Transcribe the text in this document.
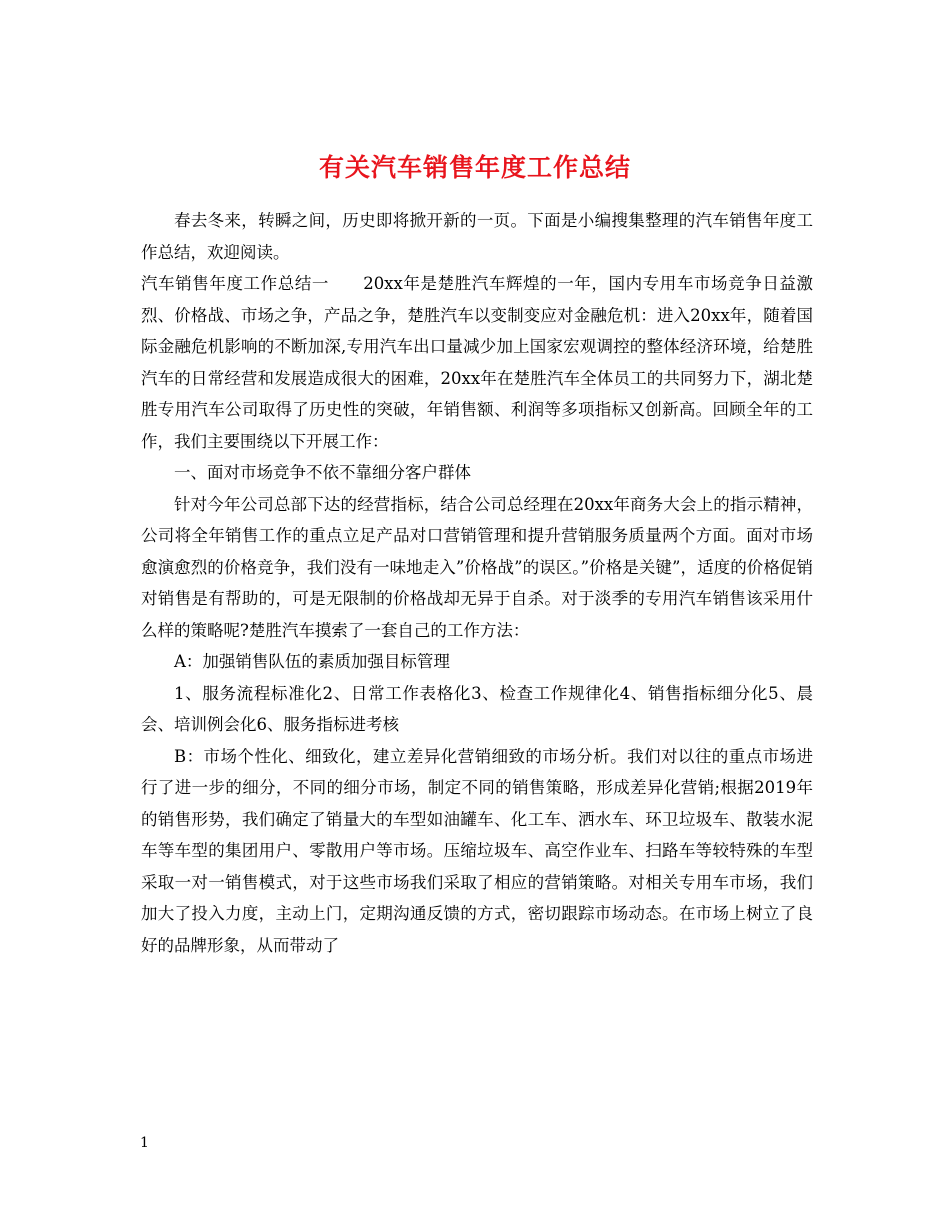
有关汽车销售年度工作总结

春去冬来，转瞬之间，历史即将掀开新的一页。下面是小编搜集整理的汽车销售年度工作总结，欢迎阅读。

汽车销售年度工作总结一　　20xx年是楚胜汽车辉煌的一年，国内专用车市场竞争日益激烈、价格战、市场之争，产品之争，楚胜汽车以变制变应对金融危机：进入20xx年，随着国际金融危机影响的不断加深,专用汽车出口量减少加上国家宏观调控的整体经济环境，给楚胜汽车的日常经营和发展造成很大的困难，20xx年在楚胜汽车全体员工的共同努力下，湖北楚胜专用汽车公司取得了历史性的突破，年销售额、利润等多项指标又创新高。回顾全年的工作，我们主要围绕以下开展工作：

一、面对市场竞争不依不靠细分客户群体

针对今年公司总部下达的经营指标，结合公司总经理在20xx年商务大会上的指示精神，公司将全年销售工作的重点立足产品对口营销管理和提升营销服务质量两个方面。面对市场愈演愈烈的价格竞争，我们没有一味地走入”价格战”的误区。”价格是关键”，适度的价格促销对销售是有帮助的，可是无限制的价格战却无异于自杀。对于淡季的专用汽车销售该采用什么样的策略呢?楚胜汽车摸索了一套自己的工作方法：

A：加强销售队伍的素质加强目标管理

1、服务流程标准化2、日常工作表格化3、检查工作规律化4、销售指标细分化5、晨会、培训例会化6、服务指标进考核

B：市场个性化、细致化，建立差异化营销细致的市场分析。我们对以往的重点市场进行了进一步的细分，不同的细分市场，制定不同的销售策略，形成差异化营销;根据2019年的销售形势，我们确定了销量大的车型如油罐车、化工车、洒水车、环卫垃圾车、散装水泥车等车型的集团用户、零散用户等市场。压缩垃圾车、高空作业车、扫路车等较特殊的车型采取一对一销售模式，对于这些市场我们采取了相应的营销策略。对相关专用车市场，我们加大了投入力度，主动上门，定期沟通反馈的方式，密切跟踪市场动态。在市场上树立了良好的品牌形象，从而带动了

1
